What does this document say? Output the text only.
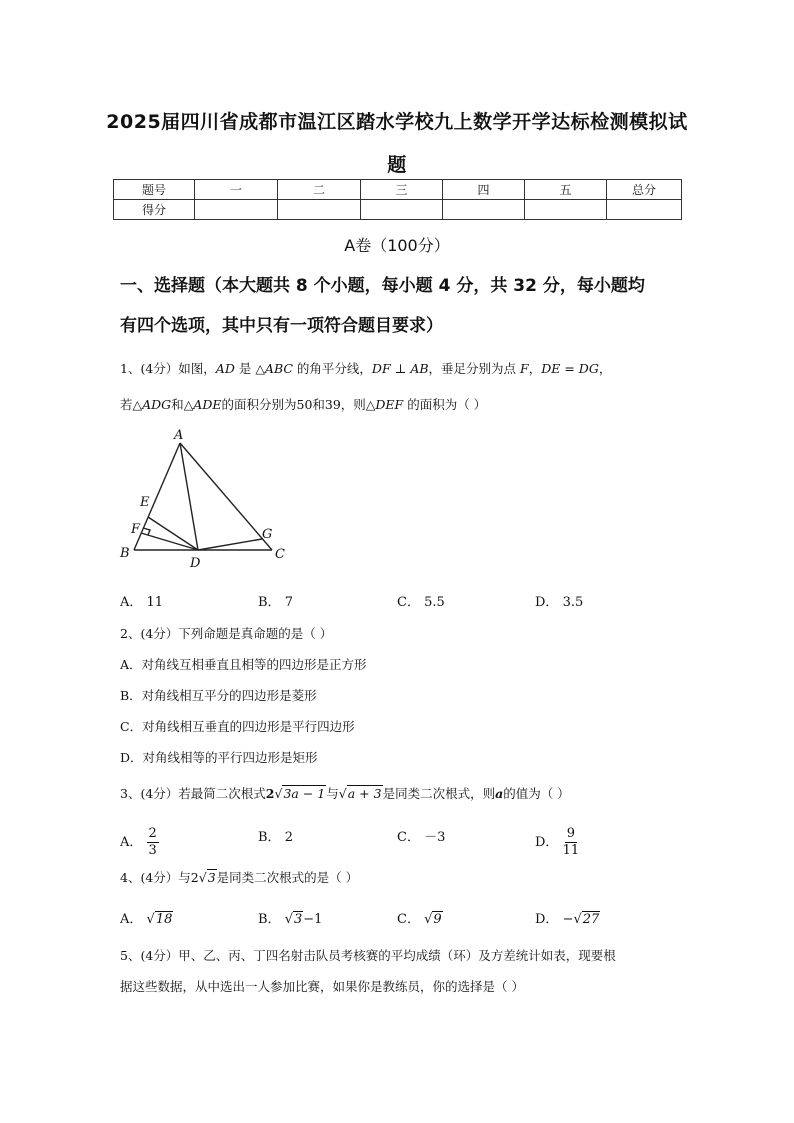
2025届四川省成都市温江区踏水学校九上数学开学达标检测模拟试
题
题号	一	二	三	四	五	总分
得分						
A卷（100分）
一、选择题（本大题共 8 个小题，每小题 4 分，共 32 分，每小题均
有四个选项，其中只有一项符合题目要求）
1、(4分）如图，AD 是 △ABC 的角平分线，DF ⊥ AB，垂足分别为点 F，DE = DG，
若△ADG和△ADE的面积分别为50和39，则△DEF 的面积为（ ）
A
B	C
D
E
F	G
A． 11	B． 7	C． 5.5	D． 3.5
2、(4分）下列命题是真命题的是（ ）
A．对角线互相垂直且相等的四边形是正方形
B．对角线相互平分的四边形是菱形
C．对角线相互垂直的四边形是平行四边形
D．对角线相等的平行四边形是矩形
3、(4分）若最简二次根式2√3a − 1与√a + 3是同类二次根式，则a的值为（ ）
A． $\frac{2}{3}$	B． 2	C． －3	D． $\frac{9}{11}$
4、(4分）与2√3是同类二次根式的是（ ）
A． √18	B． √3−1	C． √9	D． −√27
5、(4分）甲、乙、丙、丁四名射击队员考核赛的平均成绩（环）及方差统计如表，现要根
据这些数据，从中选出一人参加比赛，如果你是教练员，你的选择是（ ）
